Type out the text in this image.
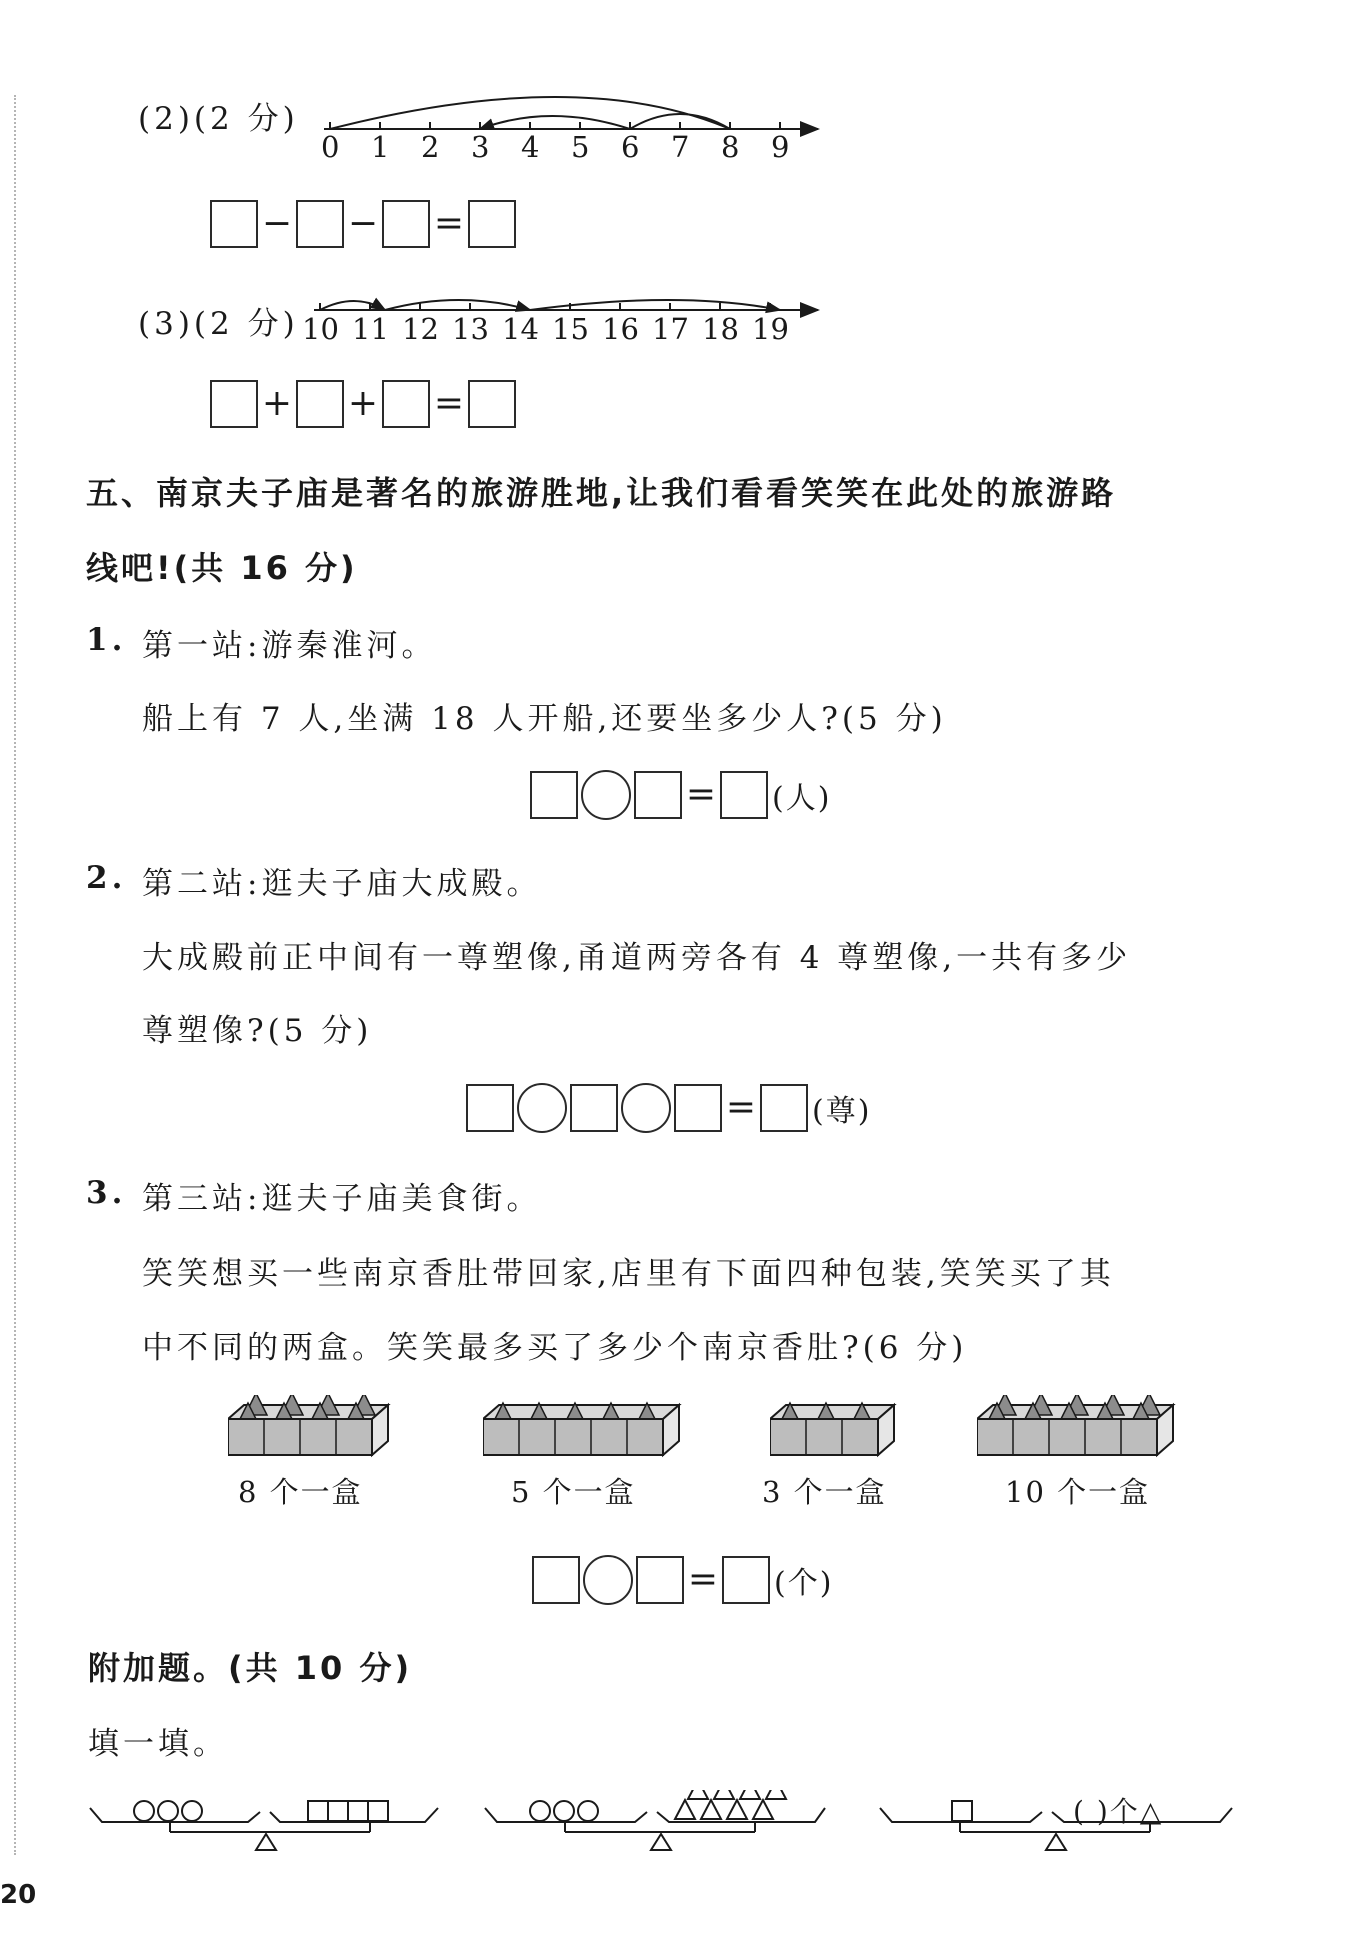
(2)(2 分)
0 1 2 3 4 5 6 7 8 9
− − =
(3)(2 分) 10 11 12 13 14 15 16 17 18 19
+ + =
五、南京夫子庙是著名的旅游胜地,让我们看看笑笑在此处的旅游路
线吧!(共 16 分)
1. 第一站:游秦淮河。
船上有 7 人,坐满 18 人开船,还要坐多少人?(5 分)
= (人)
2. 第二站:逛夫子庙大成殿。
大成殿前正中间有一尊塑像,甬道两旁各有 4 尊塑像,一共有多少
尊塑像?(5 分)
= (尊)
3. 第三站:逛夫子庙美食街。
笑笑想买一些南京香肚带回家,店里有下面四种包装,笑笑买了其
中不同的两盒。笑笑最多买了多少个南京香肚?(6 分)
8 个一盒	5 个一盒	3 个一盒	10 个一盒
= (个)
附加题。(共 10 分)
填一填。
( )个△
20
